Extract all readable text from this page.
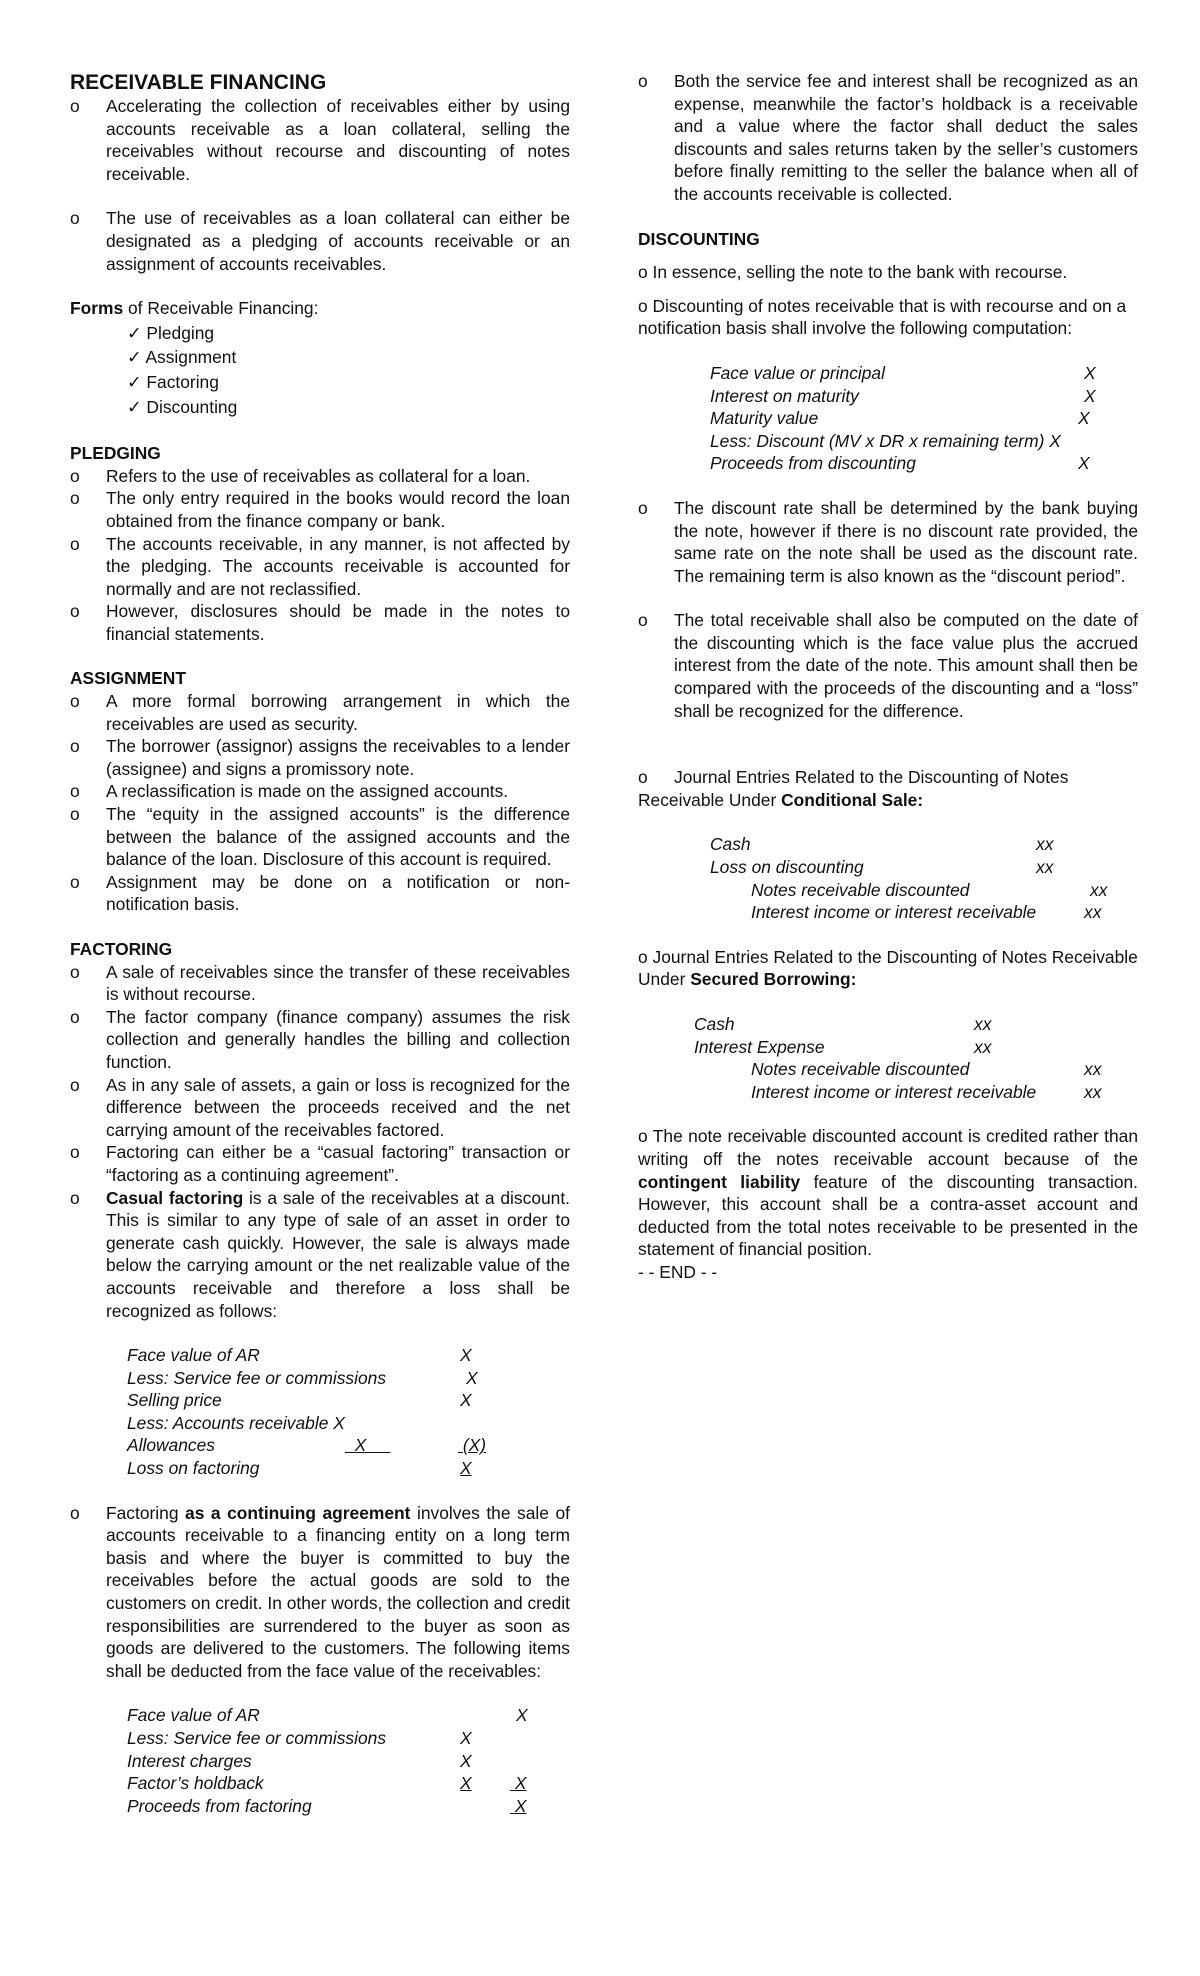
RECEIVABLE FINANCING

o Accelerating the collection of receivables either by using accounts receivable as a loan collateral, selling the receivables without recourse and discounting of notes receivable.

o The use of receivables as a loan collateral can either be designated as a pledging of accounts receivable or an assignment of accounts receivables.

Forms of Receivable Financing:

✓ Pledging

✓ Assignment

✓ Factoring

✓ Discounting

PLEDGING

o Refers to the use of receivables as collateral for a loan.

o The only entry required in the books would record the loan obtained from the finance company or bank.

o The accounts receivable, in any manner, is not affected by the pledging. The accounts receivable is accounted for normally and are not reclassified.

o However, disclosures should be made in the notes to financial statements.

ASSIGNMENT

o A more formal borrowing arrangement in which the receivables are used as security.

o The borrower (assignor) assigns the receivables to a lender (assignee) and signs a promissory note.

o A reclassification is made on the assigned accounts.

o The “equity in the assigned accounts” is the difference between the balance of the assigned accounts and the balance of the loan. Disclosure of this account is required.

o Assignment may be done on a notification or non-notification basis.

FACTORING

o A sale of receivables since the transfer of these receivables is without recourse.

o The factor company (finance company) assumes the risk collection and generally handles the billing and collection function.

o As in any sale of assets, a gain or loss is recognized for the difference between the proceeds received and the net carrying amount of the receivables factored.

o Factoring can either be a “casual factoring” transaction or “factoring as a continuing agreement”.

o Casual factoring is a sale of the receivables at a discount. This is similar to any type of sale of an asset in order to generate cash quickly. However, the sale is always made below the carrying amount or the net realizable value of the accounts receivable and therefore a loss shall be recognized as follows:

Face value of AR	X
Less: Service fee or commissions	X
Selling price	X
Less: Accounts receivable X
Allowances	X	(X)
Loss on factoring	X

o Factoring as a continuing agreement involves the sale of accounts receivable to a financing entity on a long term basis and where the buyer is committed to buy the receivables before the actual goods are sold to the customers on credit. In other words, the collection and credit responsibilities are surrendered to the buyer as soon as goods are delivered to the customers. The following items shall be deducted from the face value of the receivables:

Face value of AR	X
Less: Service fee or commissions	X
Interest charges	X
Factor’s holdback	X X
Proceeds from factoring	X

o Both the service fee and interest shall be recognized as an expense, meanwhile the factor’s holdback is a receivable and a value where the factor shall deduct the sales discounts and sales returns taken by the seller’s customers before finally remitting to the seller the balance when all of the accounts receivable is collected.

DISCOUNTING

o In essence, selling the note to the bank with recourse.

o Discounting of notes receivable that is with recourse and on a notification basis shall involve the following computation:

Face value or principal	X
Interest on maturity	X
Maturity value	X
Less: Discount (MV x DR x remaining term) X
Proceeds from discounting	X

o The discount rate shall be determined by the bank buying the note, however if there is no discount rate provided, the same rate on the note shall be used as the discount rate. The remaining term is also known as the “discount period”.

o The total receivable shall also be computed on the date of the discounting which is the face value plus the accrued interest from the date of the note. This amount shall then be compared with the proceeds of the discounting and a “loss” shall be recognized for the difference.

o Journal Entries Related to the Discounting of Notes Receivable Under Conditional Sale:

Cash	xx
Loss on discounting	xx
Notes receivable discounted	xx
Interest income or interest receivable	xx

o Journal Entries Related to the Discounting of Notes Receivable Under Secured Borrowing:

Cash	xx
Interest Expense	xx
Notes receivable discounted	xx
Interest income or interest receivable	xx

o The note receivable discounted account is credited rather than writing off the notes receivable account because of the contingent liability feature of the discounting transaction. However, this account shall be a contra-asset account and deducted from the total notes receivable to be presented in the statement of financial position.

- - END - -
